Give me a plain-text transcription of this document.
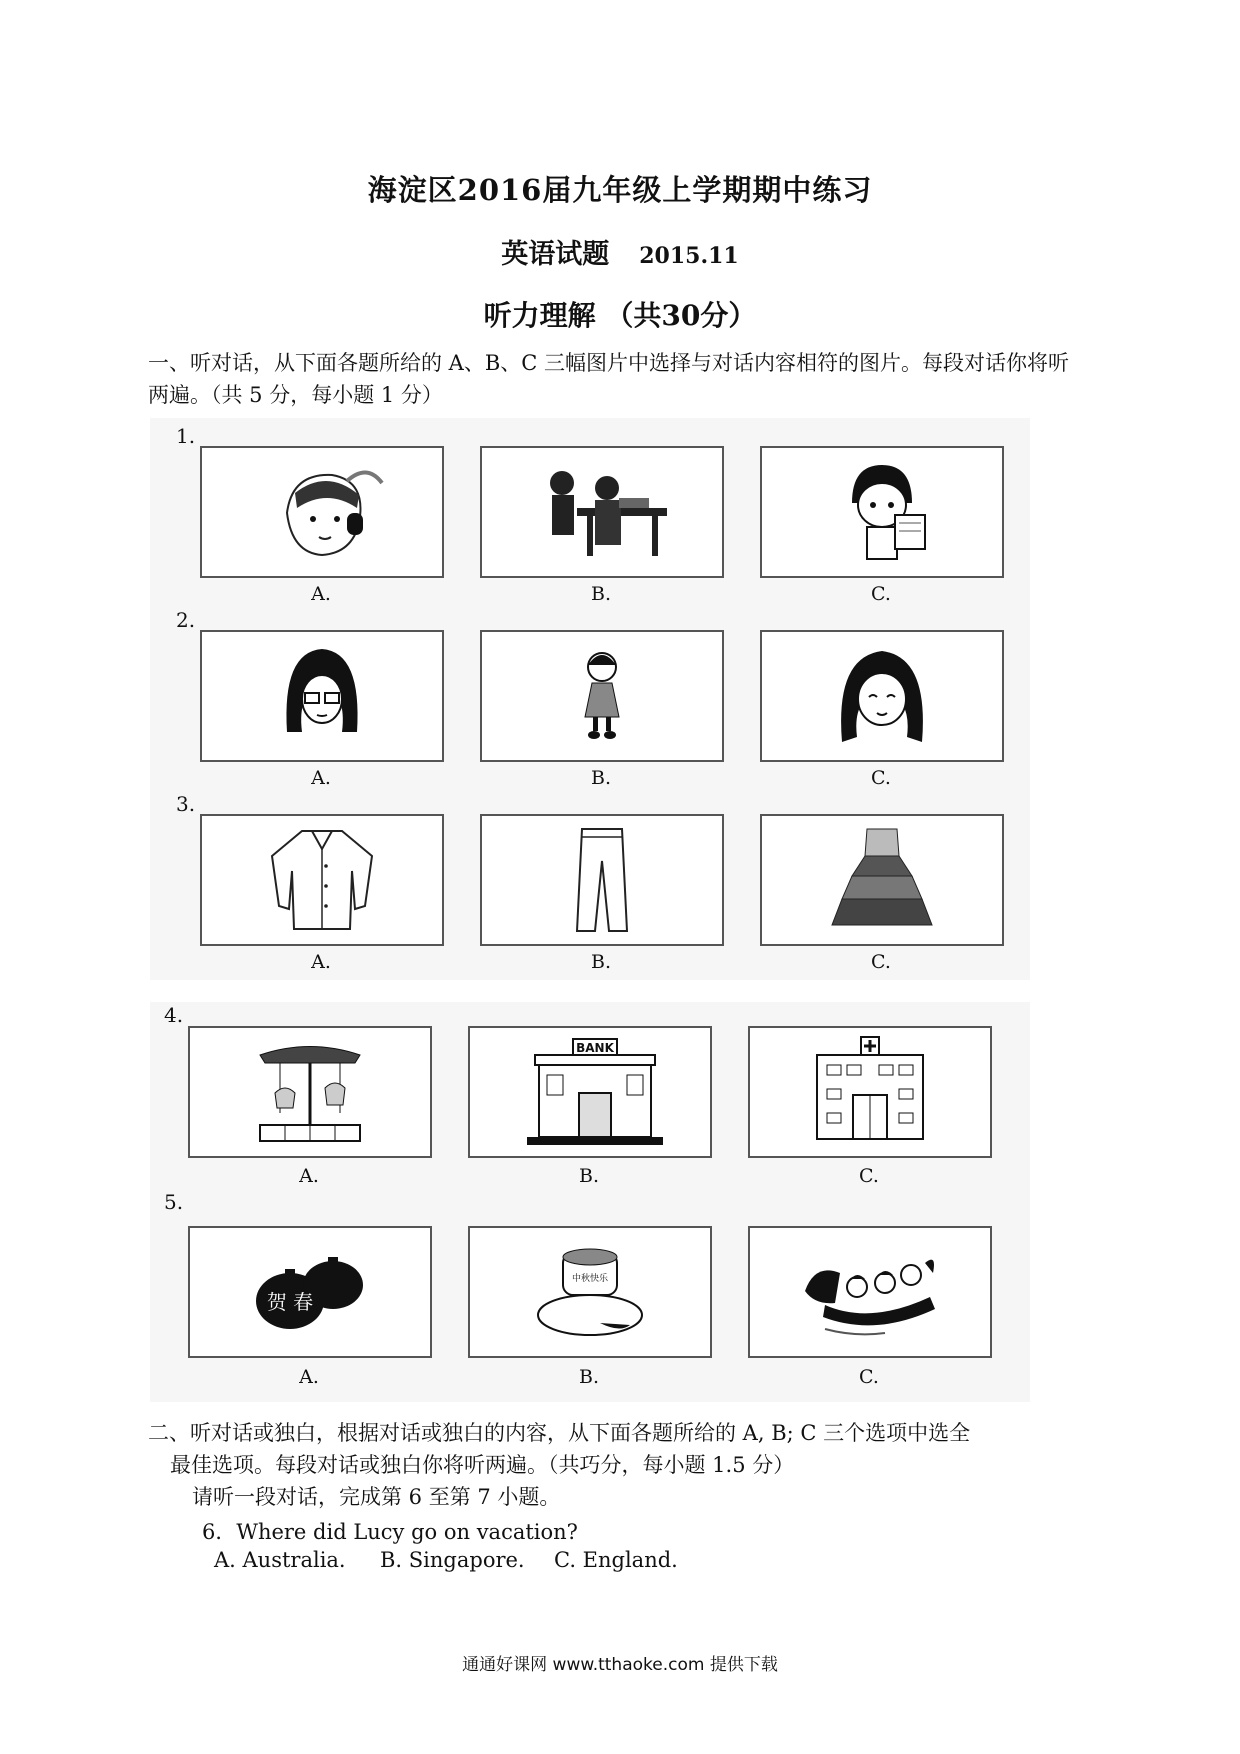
海淀区2016届九年级上学期期中练习
英语试题 2015.11
听力理解 （共30分）
一、听对话，从下面各题所给的 A、B、C 三幅图片中选择与对话内容相符的图片。每段对话你将听
两遍。（共 5 分，每小题 1 分）
1.
A.	B.	C.
2.
A.	B.	C.
3.
A.	B.	C.
4.
BANK
A.	B.	C.
5.
贺 春
中秋快乐
A.	B.	C.
二、听对话或独白，根据对话或独白的内容，从下面各题所给的 A, B; C 三个选项中选全
最佳选项。每段对话或独白你将听两遍。（共巧分，每小题 1.5 分）
请听一段对话，完成第 6 至第 7 小题。
6．Where did Lucy go on vacation?
A. Australia. B. Singapore. C. England.
通通好课网 www.tthaoke.com 提供下载
